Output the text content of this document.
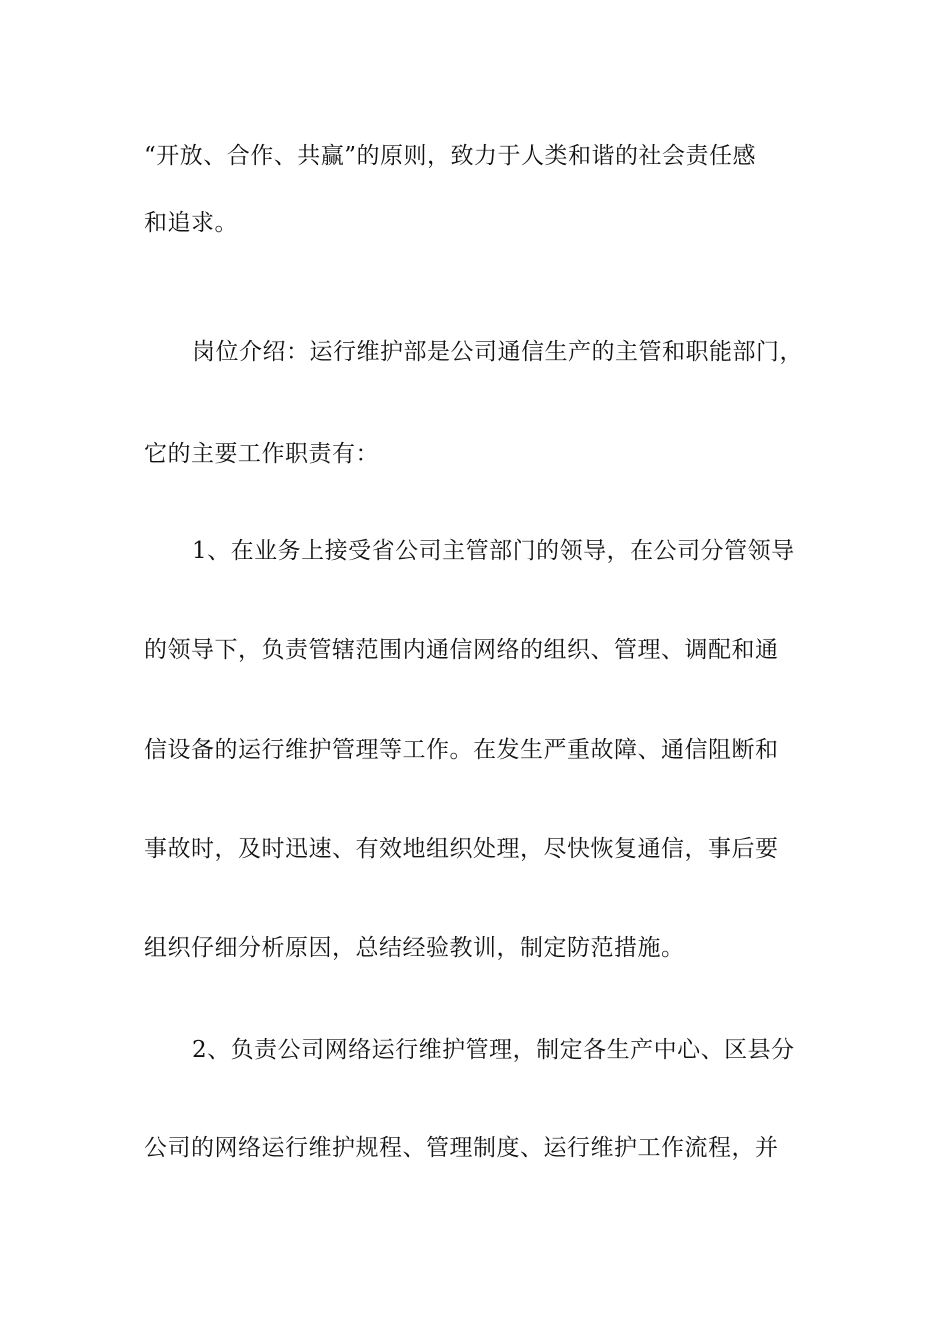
“开放、合作、共赢”的原则，致力于人类和谐的社会责任感
和追求。
岗位介绍：运行维护部是公司通信生产的主管和职能部门，
它的主要工作职责有：
1、在业务上接受省公司主管部门的领导，在公司分管领导
的领导下，负责管辖范围内通信网络的组织、管理、调配和通
信设备的运行维护管理等工作。在发生严重故障、通信阻断和
事故时，及时迅速、有效地组织处理，尽快恢复通信，事后要
组织仔细分析原因，总结经验教训，制定防范措施。
2、负责公司网络运行维护管理，制定各生产中心、区县分
公司的网络运行维护规程、管理制度、运行维护工作流程，并
